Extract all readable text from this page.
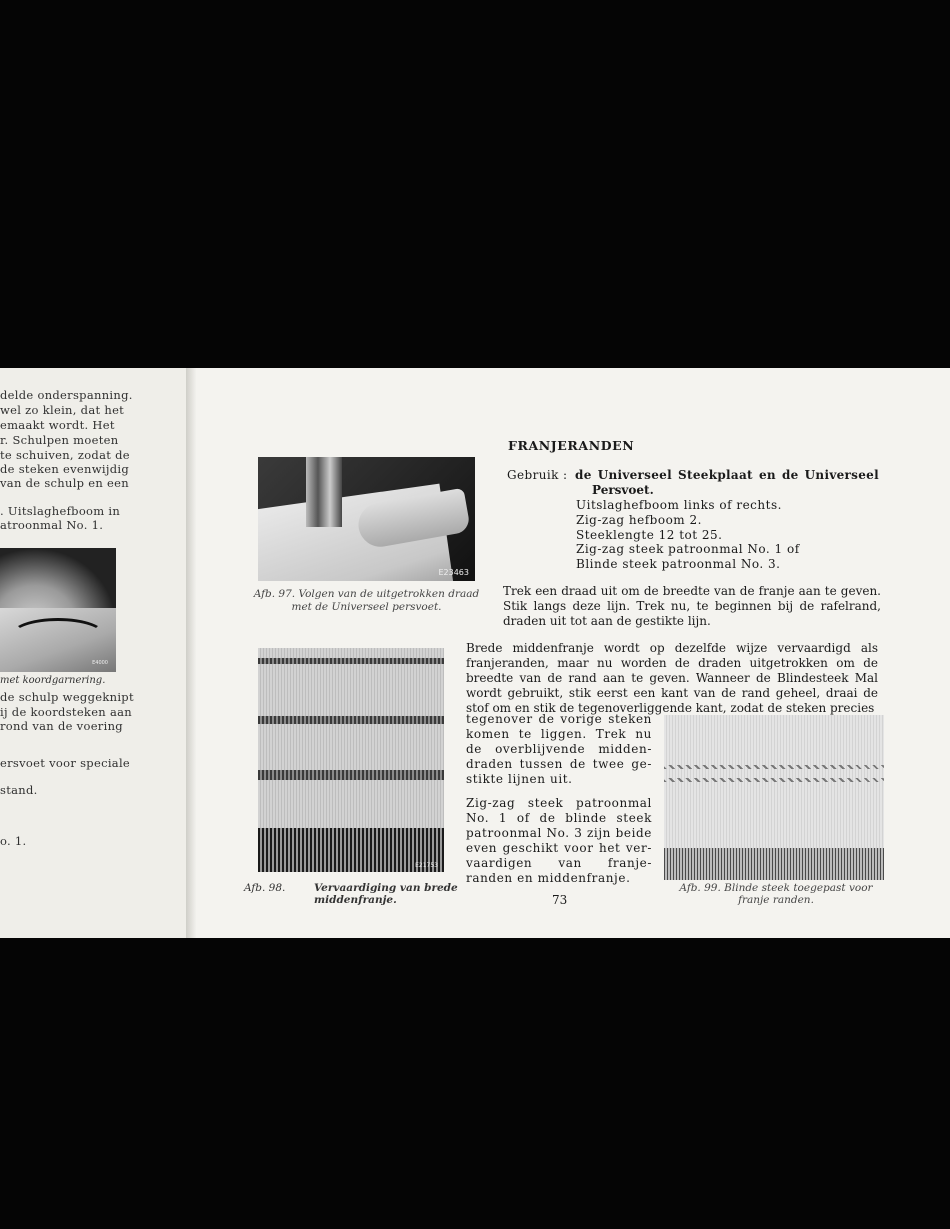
delde onderspanning.
wel zo klein, dat het
emaakt wordt. Het
r. Schulpen moeten
te schuiven, zodat de
de steken evenwijdig
van de schulp en een
. Uitslaghefboom in
atroonmal No. 1.
E4000
met koordgarnering.
de schulp weggeknipt
ij de koordsteken aan
rond van de voering
ersvoet voor speciale
stand.
o. 1.
E23463
Afb. 97. Volgen van de uitgetrokken draad
met de Universeel persvoet.
FRANJERANDEN
Gebruik : de Universeel Steekplaat en de Universeel
Persvoet.
Uitslaghefboom links of rechts.
Zig-zag hefboom 2.
Steeklengte 12 tot 25.
Zig-zag steek patroonmal No. 1 of
Blinde steek patroonmal No. 3.
Trek een draad uit om de breedte van de franje aan te geven. Stik langs deze lijn. Trek nu, te beginnen bij de rafelrand, draden uit tot aan de gestikte lijn.
E21753
Afb. 98.	Vervaardiging van brede middenfranje.
Brede middenfranje wordt op dezelfde wijze vervaardigd als franjeranden, maar nu worden de draden uitgetrokken om de breedte van de rand aan te geven. Wanneer de Blindesteek Mal wordt gebruikt, stik eerst een kant van de rand geheel, draai de stof om en stik de tegenoverliggende kant, zodat de steken precies
tegenover de vorige steken komen te liggen. Trek nu de overblijvende midden-draden tussen de twee ge-stikte lijnen uit.
Zig-zag steek patroonmal No. 1 of de blinde steek patroonmal No. 3 zijn beide even geschikt voor het ver-vaardigen van franje-randen en middenfranje.
Afb. 99. Blinde steek toegepast voor
franje randen.
73
